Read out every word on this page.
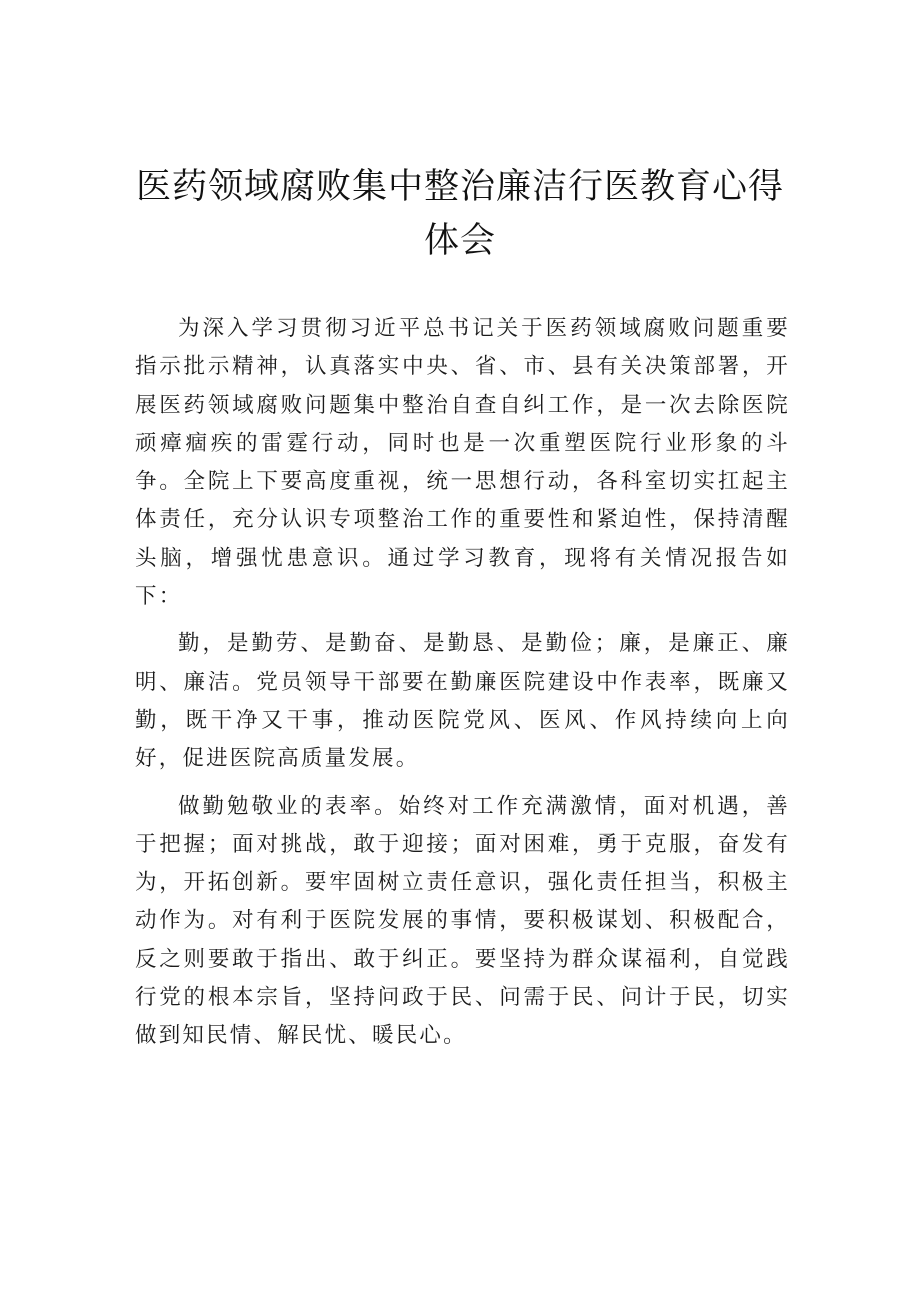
医药领域腐败集中整治廉洁行医教育心得
体会

为深入学习贯彻习近平总书记关于医药领域腐败问题重要指示批示精神，认真落实中央、省、市、县有关决策部署，开展医药领域腐败问题集中整治自查自纠工作，是一次去除医院顽瘴痼疾的雷霆行动，同时也是一次重塑医院行业形象的斗争。全院上下要高度重视，统一思想行动，各科室切实扛起主体责任，充分认识专项整治工作的重要性和紧迫性，保持清醒头脑，增强忧患意识。通过学习教育，现将有关情况报告如下：

勤，是勤劳、是勤奋、是勤恳、是勤俭；廉，是廉正、廉明、廉洁。党员领导干部要在勤廉医院建设中作表率，既廉又勤，既干净又干事，推动医院党风、医风、作风持续向上向好，促进医院高质量发展。

做勤勉敬业的表率。始终对工作充满激情，面对机遇，善于把握；面对挑战，敢于迎接；面对困难，勇于克服，奋发有为，开拓创新。要牢固树立责任意识，强化责任担当，积极主动作为。对有利于医院发展的事情，要积极谋划、积极配合，反之则要敢于指出、敢于纠正。要坚持为群众谋福利，自觉践行党的根本宗旨，坚持问政于民、问需于民、问计于民，切实做到知民情、解民忧、暖民心。
